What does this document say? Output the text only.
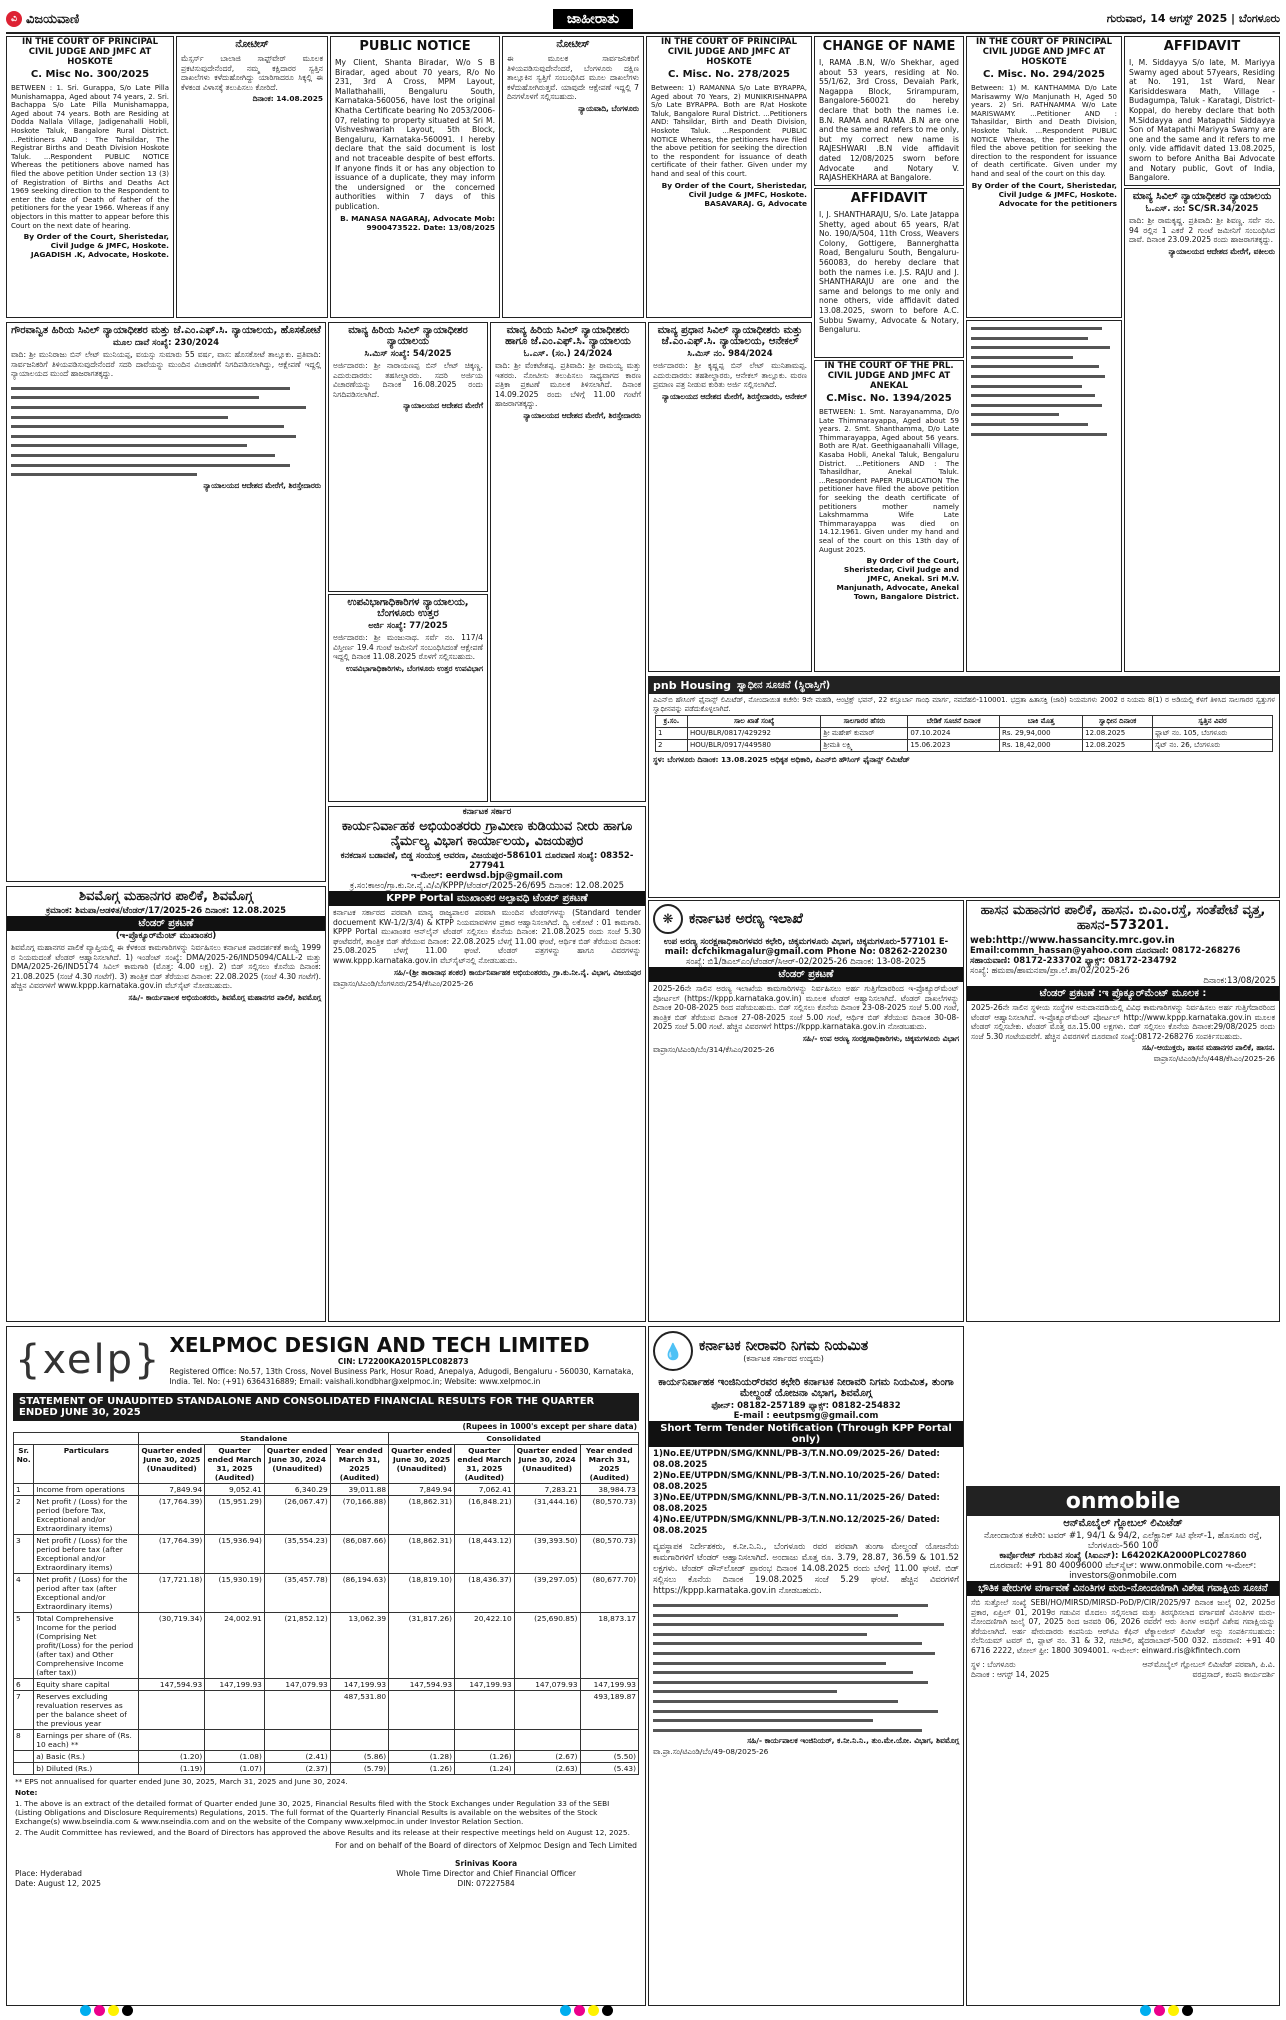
ವಿ ವಿಜಯವಾಣಿ	ಜಾಹೀರಾತು	ಗುರುವಾರ, 14 ಆಗಸ್ಟ್ 2025 | ಬೆಂಗಳೂರು
IN THE COURT OF PRINCIPAL CIVIL JUDGE AND JMFC AT HOSKOTE
C. Misc No. 300/2025
BETWEEN : 1. Sri. Gurappa, S/o Late Pilla Munishamappa, Aged about 74 years, 2. Sri. Bachappa S/o Late Pilla Munishamappa, Aged about 74 years. Both are Residing at Dodda Nallala Village, Jadigenahalli Hobli, Hoskote Taluk, Bangalore Rural District. ...Petitioners AND : The Tahsildar, The Registrar Births and Death Division Hoskote Taluk. ...Respondent PUBLIC NOTICE Whereas the petitioners above named has filed the above petition Under section 13 (3) of Registration of Births and Deaths Act 1969 seeking direction to the Respondent to enter the date of Death of father of the petitioners for the year 1966. Whereas if any objectors in this matter to appear before this Court on the next date of hearing.
By Order of the Court, Sheristedar, Civil Judge & JMFC, Hoskote. JAGADISH .K, Advocate, Hoskote.
ನೋಟೀಸ್
ಮೆಸ್ಸರ್ಸ್ ಬಾಲಾಜಿ ಸಾಫ್ಟ್‌ವೇರ್ ಮೂಲಕ ಪ್ರಕಟಿಸುವುದೇನೆಂದರೆ, ನಮ್ಮ ಕಕ್ಷಿದಾರರ ಸ್ವತ್ತಿನ ದಾಖಲೆಗಳು ಕಳೆದುಹೋಗಿದ್ದು ಯಾರಿಗಾದರೂ ಸಿಕ್ಕಲ್ಲಿ ಈ ಕೆಳಕಂಡ ವಿಳಾಸಕ್ಕೆ ತಲುಪಿಸಲು ಕೋರಿದೆ.
ದಿನಾಂಕ: 14.08.2025
PUBLIC NOTICE
My Client, Shanta Biradar, W/o S B Biradar, aged about 70 years, R/o No 231, 3rd A Cross, MPM Layout, Mallathahalli, Bengaluru South, Karnataka-560056, have lost the original Khatha Certificate bearing No 2053/2006-07, relating to property situated at Sri M. Vishveshwariah Layout, 5th Block, Bengaluru, Karnataka-560091. I hereby declare that the said document is lost and not traceable despite of best efforts. If anyone finds it or has any objection to issuance of a duplicate, they may inform the undersigned or the concerned authorities within 7 days of this publication.
B. MANASA NAGARAJ, Advocate Mob: 9900473522. Date: 13/08/2025
ನೋಟೀಸ್
ಈ ಮೂಲಕ ಸಾರ್ವಜನಿಕರಿಗೆ ತಿಳಿಯಪಡಿಸುವುದೇನೆಂದರೆ, ಬೆಂಗಳೂರು ದಕ್ಷಿಣ ತಾಲ್ಲೂಕಿನ ಸ್ವತ್ತಿಗೆ ಸಂಬಂಧಿಸಿದ ಮೂಲ ದಾಖಲೆಗಳು ಕಳೆದುಹೋಗಿರುತ್ತವೆ. ಯಾವುದೇ ಆಕ್ಷೇಪಣೆ ಇದ್ದಲ್ಲಿ 7 ದಿನಗಳೊಳಗೆ ಸಲ್ಲಿಸಬಹುದು.
ನ್ಯಾಯವಾದಿ, ಬೆಂಗಳೂರು
IN THE COURT OF PRINCIPAL CIVIL JUDGE AND JMFC AT HOSKOTE
C. Misc. No. 278/2025
Between: 1) RAMANNA S/o Late BYRAPPA, Aged about 70 Years, 2) MUNIKRISHNAPPA S/o Late BYRAPPA. Both are R/at Hoskote Taluk, Bangalore Rural District. ...Petitioners AND: Tahsildar, Birth and Death Division, Hoskote Taluk. ...Respondent PUBLIC NOTICE Whereas, the petitioners have filed the above petition for seeking the direction to the respondent for issuance of death certificate of their father. Given under my hand and seal of this court.
By Order of the Court, Sheristedar, Civil Judge & JMFC, Hoskote. BASAVARAJ. G, Advocate
CHANGE OF NAME
I, RAMA .B.N, W/o Shekhar, aged about 53 years, residing at No. 55/1/62, 3rd Cross, Devaiah Park, Nagappa Block, Srirampuram, Bangalore-560021 do hereby declare that both the names i.e. B.N. RAMA and RAMA .B.N are one and the same and refers to me only, but my correct new name is RAJESHWARI .B.N vide affidavit dated 12/08/2025 sworn before Advocate and Notary V. RAJASHEKHARA at Bangalore.
AFFIDAVIT
I, J. SHANTHARAJU, S/o. Late Jatappa Shetty, aged about 65 years, R/at No. 190/A/504, 11th Cross, Weavers Colony, Gottigere, Bannerghatta Road, Bengaluru South, Bengaluru-560083, do hereby declare that both the names i.e. J.S. RAJU and J. SHANTHARAJU are one and the same and belongs to me only and none others, vide affidavit dated 13.08.2025, sworn to before A.C. Subbu Swamy, Advocate & Notary, Bengaluru.
IN THE COURT OF PRINCIPAL CIVIL JUDGE AND JMFC AT HOSKOTE
C. Misc. No. 294/2025
Between: 1) M. KANTHAMMA D/o Late Marisawmy W/o Manjunath H, Aged 50 years. 2) Sri. RATHNAMMA W/o Late MARISWAMY. ...Petitioner AND : Tahasildar, Birth and Death Division, Hoskote Taluk. ...Respondent PUBLIC NOTICE Whereas, the petitioner have filed the above petition for seeking the direction to the respondent for issuance of death certificate. Given under my hand and seal of the court on this day.
By Order of the Court, Sheristedar, Civil Judge & JMFC, Hoskote. Advocate for the petitioners
AFFIDAVIT
I, M. Siddayya S/o late, M. Mariyya Swamy aged about 57years, Residing at No. 191, 1st Ward, Near Karisiddeswara Math, Village - Budagumpa, Taluk - Karatagi, District-Koppal, do hereby declare that both M.Siddayya and Matapathi Siddayya Son of Matapathi Mariyya Swamy are one and the same and it refers to me only. vide affidavit dated 13.08.2025, sworn to before Anitha Bai Advocate and Notary public, Govt of India, Bangalore.
ಗೌರವಾನ್ವಿತ ಹಿರಿಯ ಸಿವಿಲ್ ನ್ಯಾಯಾಧೀಶರ ಮತ್ತು ಜೆ.ಎಂ.ಎಫ್.ಸಿ. ನ್ಯಾಯಾಲಯ, ಹೊಸಕೋಟೆ
ಮೂಲ ದಾವೆ ಸಂಖ್ಯೆ: 230/2024
ವಾದಿ: ಶ್ರೀ ಮುನಿರಾಜು ಬಿನ್ ಲೇಟ್ ಮುನಿಯಪ್ಪ, ವಯಸ್ಸು ಸುಮಾರು 55 ವರ್ಷ, ವಾಸ: ಹೊಸಕೋಟೆ ತಾಲ್ಲೂಕು. ಪ್ರತಿವಾದಿ: ಸಾರ್ವಜನಿಕರಿಗೆ ತಿಳಿಯಪಡಿಸುವುದೇನೆಂದರೆ ಸದರಿ ದಾವೆಯನ್ನು ಮುಂದಿನ ವಿಚಾರಣೆಗೆ ನಿಗದಿಪಡಿಸಲಾಗಿದ್ದು, ಆಕ್ಷೇಪಣೆ ಇದ್ದಲ್ಲಿ ನ್ಯಾಯಾಲಯದ ಮುಂದೆ ಹಾಜರಾಗತಕ್ಕದ್ದು.
ನ್ಯಾಯಾಲಯದ ಆದೇಶದ ಮೇರೆಗೆ, ಶಿರಸ್ತೇದಾರರು
ಮಾನ್ಯ ಹಿರಿಯ ಸಿವಿಲ್ ನ್ಯಾಯಾಧೀಶರ ನ್ಯಾಯಾಲಯ
ಸಿ.ಮಿಸ್ ಸಂಖ್ಯೆ: 54/2025
ಅರ್ಜಿದಾರರು: ಶ್ರೀ ನಾರಾಯಣಪ್ಪ ಬಿನ್ ಲೇಟ್ ಚಿಕ್ಕಣ್ಣ. ಎದುರುದಾರರು: ತಹಸೀಲ್ದಾರರು. ಸದರಿ ಅರ್ಜಿಯ ವಿಚಾರಣೆಯನ್ನು ದಿನಾಂಕ 16.08.2025 ರಂದು ನಿಗದಿಪಡಿಸಲಾಗಿದೆ.
ನ್ಯಾಯಾಲಯದ ಆದೇಶದ ಮೇರೆಗೆ
ಮಾನ್ಯ ಹಿರಿಯ ಸಿವಿಲ್ ನ್ಯಾಯಾಧೀಶರು ಹಾಗೂ ಜೆ.ಎಂ.ಎಫ್.ಸಿ. ನ್ಯಾಯಾಲಯ
ಓ.ಎಸ್. (ಸಂ.) 24/2024
ವಾದಿ: ಶ್ರೀ ವೆಂಕಟೇಶಪ್ಪ. ಪ್ರತಿವಾದಿ: ಶ್ರೀ ರಾಮಯ್ಯ ಮತ್ತು ಇತರರು. ನೋಟೀಸು ತಲುಪಿಸಲು ಸಾಧ್ಯವಾಗದ ಕಾರಣ ಪತ್ರಿಕಾ ಪ್ರಕಟಣೆ ಮೂಲಕ ತಿಳಿಸಲಾಗಿದೆ. ದಿನಾಂಕ 14.09.2025 ರಂದು ಬೆಳಿಗ್ಗೆ 11.00 ಗಂಟೆಗೆ ಹಾಜರಾಗತಕ್ಕದ್ದು.
ನ್ಯಾಯಾಲಯದ ಆದೇಶದ ಮೇರೆಗೆ, ಶಿರಸ್ತೇದಾರರು
ಉಪವಿಭಾಗಾಧಿಕಾರಿಗಳ ನ್ಯಾಯಾಲಯ, ಬೆಂಗಳೂರು ಉತ್ತರ
ಅರ್ಜಿ ಸಂಖ್ಯೆ: 77/2025
ಅರ್ಜಿದಾರರು: ಶ್ರೀ ಮಂಜುನಾಥ. ಸರ್ವೆ ನಂ. 117/4 ವಿಸ್ತೀರ್ಣ 19.4 ಗುಂಟೆ ಜಮೀನಿಗೆ ಸಂಬಂಧಿಸಿದಂತೆ ಆಕ್ಷೇಪಣೆ ಇದ್ದಲ್ಲಿ ದಿನಾಂಕ 11.08.2025 ರೊಳಗೆ ಸಲ್ಲಿಸಬಹುದು.
ಉಪವಿಭಾಗಾಧಿಕಾರಿಗಳು, ಬೆಂಗಳೂರು ಉತ್ತರ ಉಪವಿಭಾಗ
ಮಾನ್ಯ ಪ್ರಧಾನ ಸಿವಿಲ್ ನ್ಯಾಯಾಧೀಶರು ಮತ್ತು ಜೆ.ಎಂ.ಎಫ್.ಸಿ. ನ್ಯಾಯಾಲಯ, ಆನೇಕಲ್
ಸಿ.ಮಿಸ್ ನಂ. 984/2024
ಅರ್ಜಿದಾರರು: ಶ್ರೀ ಕೃಷ್ಣಪ್ಪ ಬಿನ್ ಲೇಟ್ ಮುನಿಶಾಮಪ್ಪ. ಎದುರುದಾರರು: ತಹಶೀಲ್ದಾರರು, ಆನೇಕಲ್ ತಾಲ್ಲೂಕು. ಮರಣ ಪ್ರಮಾಣ ಪತ್ರ ನೀಡುವ ಕುರಿತು ಅರ್ಜಿ ಸಲ್ಲಿಸಲಾಗಿದೆ.
ನ್ಯಾಯಾಲಯದ ಆದೇಶದ ಮೇರೆಗೆ, ಶಿರಸ್ತೇದಾರರು, ಆನೇಕಲ್
IN THE COURT OF THE PRL. CIVIL JUDGE AND JMFC AT ANEKAL
C.Misc. No. 1394/2025
BETWEEN: 1. Smt. Narayanamma, D/o Late Thimmarayappa, Aged about 59 years. 2. Smt. Shanthamma, D/o Late Thimmarayappa, Aged about 56 years. Both are R/at. Geethigaanahalli Village, Kasaba Hobli, Anekal Taluk, Bengaluru District. ...Petitioners AND : The Tahasildhar, Anekal Taluk. ...Respondent PAPER PUBLICATION The petitioner have filed the above petition for seeking the death certificate of petitioners mother namely Lakshmamma Wife Late Thimmarayappa was died on 14.12.1961. Given under my hand and seal of the court on this 13th day of August 2025.
By Order of the Court, Sheristedar, Civil Judge and JMFC, Anekal. Sri M.V. Manjunath, Advocate, Anekal Town, Bangalore District.
ಮಾನ್ಯ ಸಿವಿಲ್ ನ್ಯಾಯಾಧೀಶರ ನ್ಯಾಯಾಲಯ
ಓ.ಎಸ್. ನಂ: SC/SR.34/2025
ವಾದಿ: ಶ್ರೀ ರಾಮಕೃಷ್ಣ. ಪ್ರತಿವಾದಿ: ಶ್ರೀ ಶಿವಣ್ಣ. ಸರ್ವೆ ನಂ. 94 ರಲ್ಲಿನ 1 ಎಕರೆ 2 ಗುಂಟೆ ಜಮೀನಿಗೆ ಸಂಬಂಧಿಸಿದ ದಾವೆ. ದಿನಾಂಕ 23.09.2025 ರಂದು ಹಾಜರಾಗತಕ್ಕದ್ದು.
ನ್ಯಾಯಾಲಯದ ಆದೇಶದ ಮೇರೆಗೆ, ವಕೀಲರು
pnb Housing ಸ್ವಾಧೀನ ಸೂಚನೆ (ಸ್ಥಿರಾಸ್ತಿಗೆ)
ಪಿಎನ್‌ಬಿ ಹೌಸಿಂಗ್ ಫೈನಾನ್ಸ್ ಲಿಮಿಟೆಡ್, ನೋಂದಾಯಿತ ಕಚೇರಿ: 9ನೇ ಮಹಡಿ, ಆಂಟ್ರಿಕ್ಷ್ ಭವನ್, 22 ಕಸ್ತೂರ್ಬಾ ಗಾಂಧಿ ಮಾರ್ಗ, ನವದೆಹಲಿ-110001. ಭದ್ರತಾ ಹಿತಾಸಕ್ತಿ (ಜಾರಿ) ನಿಯಮಗಳು 2002 ರ ನಿಯಮ 8(1) ರ ಅಡಿಯಲ್ಲಿ ಕೆಳಗೆ ತಿಳಿಸಿದ ಸಾಲಗಾರರ ಸ್ವತ್ತುಗಳ ಸ್ವಾಧೀನವನ್ನು ಪಡೆದುಕೊಳ್ಳಲಾಗಿದೆ.
ಕ್ರ.ಸಂ.	ಸಾಲ ಖಾತೆ ಸಂಖ್ಯೆ	ಸಾಲಗಾರರ ಹೆಸರು	ಬೇಡಿಕೆ ಸೂಚನೆ ದಿನಾಂಕ	ಬಾಕಿ ಮೊತ್ತ	ಸ್ವಾಧೀನ ದಿನಾಂಕ	ಸ್ವತ್ತಿನ ವಿವರ
1	HOU/BLR/0817/429292	ಶ್ರೀ ಮಹೇಶ್ ಕುಮಾರ್	07.10.2024	Rs. 29,94,000	12.08.2025	ಫ್ಲಾಟ್ ನಂ. 105, ಬೆಂಗಳೂರು
2	HOU/BLR/0917/449580	ಶ್ರೀಮತಿ ಲಕ್ಷ್ಮಿ	15.06.2023	Rs. 18,42,000	12.08.2025	ಸೈಟ್ ನಂ. 26, ಬೆಂಗಳೂರು
ಸ್ಥಳ: ಬೆಂಗಳೂರು ದಿನಾಂಕ: 13.08.2025 ಅಧಿಕೃತ ಅಧಿಕಾರಿ, ಪಿಎನ್‌ಬಿ ಹೌಸಿಂಗ್ ಫೈನಾನ್ಸ್ ಲಿಮಿಟೆಡ್
ಶಿವಮೊಗ್ಗ ಮಹಾನಗರ ಪಾಲಿಕೆ, ಶಿವಮೊಗ್ಗ
ಕ್ರಮಾಂಕ: ಶಿಮಪಾ/ಆಡಳಿತ/ಟೆಂಡರ್/17/2025-26 ದಿನಾಂಕ: 12.08.2025
ಟೆಂಡರ್ ಪ್ರಕಟಣೆ
(ಇ-ಪ್ರೊಕ್ಯೂರ್‌ಮೆಂಟ್ ಮುಖಾಂತರ)
ಶಿವಮೊಗ್ಗ ಮಹಾನಗರ ಪಾಲಿಕೆ ವ್ಯಾಪ್ತಿಯಲ್ಲಿ ಈ ಕೆಳಕಂಡ ಕಾಮಗಾರಿಗಳನ್ನು ನಿರ್ವಹಿಸಲು ಕರ್ನಾಟಕ ಪಾರದರ್ಶಕತೆ ಕಾಯ್ದೆ 1999 ರ ನಿಯಮದಂತೆ ಟೆಂಡರ್ ಆಹ್ವಾನಿಸಲಾಗಿದೆ. 1) ಇಂಡೆಂಟ್ ಸಂಖ್ಯೆ: DMA/2025-26/IND5094/CALL-2 ಮತ್ತು DMA/2025-26/IND5174 ಸಿವಿಲ್ ಕಾಮಗಾರಿ (ಮೊತ್ತ: 4.00 ಲಕ್ಷ). 2) ಬಿಡ್ ಸಲ್ಲಿಸಲು ಕೊನೆಯ ದಿನಾಂಕ: 21.08.2025 (ಸಂಜೆ 4.30 ಗಂಟೆಗೆ). 3) ತಾಂತ್ರಿಕ ಬಿಡ್ ತೆರೆಯುವ ದಿನಾಂಕ: 22.08.2025 (ಸಂಜೆ 4.30 ಗಂಟೆಗೆ). ಹೆಚ್ಚಿನ ವಿವರಗಳಿಗೆ www.kppp.karnataka.gov.in ವೆಬ್‌ಸೈಟ್ ನೋಡಬಹುದು.
ಸಹಿ/- ಕಾರ್ಯಪಾಲಕ ಅಭಿಯಂತರರು, ಶಿವಮೊಗ್ಗ ಮಹಾನಗರ ಪಾಲಿಕೆ, ಶಿವಮೊಗ್ಗ
ಕರ್ನಾಟಕ ಸರ್ಕಾರ
ಕಾರ್ಯನಿರ್ವಾಹಕ ಅಭಿಯಂತರರು ಗ್ರಾಮೀಣ ಕುಡಿಯುವ ನೀರು ಹಾಗೂ ನೈರ್ಮಲ್ಯ ವಿಭಾಗ ಕಾರ್ಯಾಲಯ, ವಿಜಯಪುರ
ಕನಕದಾಸ ಬಡಾವಣೆ, ಬಿಡ್ಡ ಸಂಯುಕ್ತ ಆವರಣ, ವಿಜಯಪುರ-586101 ದೂರವಾಣಿ ಸಂಖ್ಯೆ: 08352-277941
ಇ-ಮೇಲ್: eerdwsd.bjp@gmail.com
ಕ್ರ.ಸಂ:ಕಾಅಂ/ಗ್ರಾ.ಕು.ನೀ.ನೈ.ವಿ/ವಿ/KPPP/ಟೆಂಡರ್/2025-26/695 ದಿನಾಂಕ: 12.08.2025
KPPP Portal ಮುಖಾಂತರ ಅಲ್ಪಾವಧಿ ಟೆಂಡರ್ ಪ್ರಕಟಣೆ
ಕರ್ನಾಟಕ ಸರ್ಕಾರದ ಪರವಾಗಿ ಮಾನ್ಯ ರಾಜ್ಯಪಾಲರ ಪರವಾಗಿ ಮುಂದಿನ ಟೆಂಡರ್‌ಗಳನ್ನು (Standard tender docuement KW-1/2/3/4) & KTPP ನಿಯಮಾವಳಿಗಳ ಪ್ರಕಾರ ಆಹ್ವಾನಿಸಲಾಗಿದೆ. ದ್ವಿ ಲಕೋಟೆ : 01 ಕಾಮಗಾರಿ. KPPP Portal ಮುಖಾಂತರ ಆನ್‌ಲೈನ್ ಟೆಂಡರ್ ಸಲ್ಲಿಸಲು ಕೊನೆಯ ದಿನಾಂಕ: 21.08.2025 ರಂದು ಸಂಜೆ 5.30 ಘಂಟೆವರೆಗೆ, ತಾಂತ್ರಿಕ ಬಿಡ್ ತೆರೆಯುವ ದಿನಾಂಕ: 22.08.2025 ಬೆಳಗ್ಗೆ 11.00 ಘಂಟೆ, ಆರ್ಥಿಕ ಬಿಡ್ ತೆರೆಯುವ ದಿನಾಂಕ: 25.08.2025 ಬೆಳಗ್ಗೆ 11.00 ಘಂಟೆ. ಟೆಂಡರ್ ಪತ್ರಗಳನ್ನು ಹಾಗೂ ವಿವರಗಳನ್ನು www.kppp.karnataka.gov.in ವೆಬ್‌ಸೈಟ್‌ನಲ್ಲಿ ನೋಡಬಹುದು.
ಸಹಿ/-(ಶ್ರೀ ತಾರಾನಾಥ ಶಂಕರ) ಕಾರ್ಯನಿರ್ವಾಹಕ ಅಭಿಯಂತರರು, ಗ್ರಾ.ಕು.ನೀ.ನೈ. ವಿಭಾಗ, ವಿಜಯಪುರ
ವಾಪ್ರಾಸಂ/ಟಿಎಂಡಿ/ಬೆಂಗಳೂರು/254/ಕೆಸಿಎಂ/2025-26
❋	ಕರ್ನಾಟಕ ಅರಣ್ಯ ಇಲಾಖೆ
ಉಪ ಅರಣ್ಯ ಸಂರಕ್ಷಣಾಧಿಕಾರಿಗಳವರ ಕಛೇರಿ, ಚಿಕ್ಕಮಗಳೂರು ವಿಭಾಗ, ಚಿಕ್ಕಮಗಳೂರು-577101 E-mail: dcfchikmagalur@gmail.com Phone No: 08262-220230
ಸಂಖ್ಯೆ: ಬಿ1/ಡಿಎಲ್‌ಎಂ/ಟೆಂಡರ್/ಸಿಆರ್-02/2025-26 ದಿನಾಂಕ: 13-08-2025
ಟೆಂಡರ್ ಪ್ರಕಟಣೆ
2025-26ನೇ ಸಾಲಿನ ಅರಣ್ಯ ಇಲಾಖೆಯ ಕಾಮಗಾರಿಗಳನ್ನು ನಿರ್ವಹಿಸಲು ಅರ್ಹ ಗುತ್ತಿಗೆದಾರರಿಂದ ಇ-ಪ್ರೊಕ್ಯೂರ್‌ಮೆಂಟ್ ಪೋರ್ಟಲ್ (https://kppp.karnataka.gov.in) ಮೂಲಕ ಟೆಂಡರ್ ಆಹ್ವಾನಿಸಲಾಗಿದೆ. ಟೆಂಡರ್ ದಾಖಲೆಗಳನ್ನು ದಿನಾಂಕ 20-08-2025 ರಿಂದ ಪಡೆಯಬಹುದು. ಬಿಡ್ ಸಲ್ಲಿಸಲು ಕೊನೆಯ ದಿನಾಂಕ 23-08-2025 ಸಂಜೆ 5.00 ಗಂಟೆ, ತಾಂತ್ರಿಕ ಬಿಡ್ ತೆರೆಯುವ ದಿನಾಂಕ 27-08-2025 ಸಂಜೆ 5.00 ಗಂಟೆ, ಆರ್ಥಿಕ ಬಿಡ್ ತೆರೆಯುವ ದಿನಾಂಕ 30-08-2025 ಸಂಜೆ 5.00 ಗಂಟೆ. ಹೆಚ್ಚಿನ ವಿವರಗಳಿಗೆ https://kppp.karnataka.gov.in ನೋಡಬಹುದು.
ಸಹಿ/- ಉಪ ಅರಣ್ಯ ಸಂರಕ್ಷಣಾಧಿಕಾರಿಗಳು, ಚಿಕ್ಕಮಗಳೂರು ವಿಭಾಗ
ವಾಪ್ರಾಸಂ/ಟಿಎಂಡಿ/ಬೆಂ/314/ಕೆಸಿಎಂ/2025-26
ಹಾಸನ ಮಹಾನಗರ ಪಾಲಿಕೆ, ಹಾಸನ. ಬಿ.ಎಂ.ರಸ್ತೆ, ಸಂತೆಪೇಟೆ ವೃತ್ತ, ಹಾಸನ-573201.
web:http://www.hassancity.mrc.gov.in
Email:commn_hassan@yahoo.com ದೂರವಾಣಿ: 08172-268276
ಸಹಾಯವಾಣಿ: 08172-233702 ಫ್ಯಾಕ್ಸ್: 08172-234792
ಸಂಖ್ಯೆ: ಹಮಪಾ/ಹಾಮನಪಾ/ಪ್ರಾ.ಲೆ.ಶಾ/02/2025-26
ದಿನಾಂಕ:13/08/2025
ಟೆಂಡರ್ ಪ್ರಕಟಣೆ :ಇ ಪ್ರೊಕ್ಯೂರ್‌ಮೆಂಟ್ ಮೂಲಕ :
2025-26ನೇ ಸಾಲಿನ ಸ್ಥಳೀಯ ಸಂಸ್ಥೆಗಳ ಅನುದಾನದಡಿಯಲ್ಲಿ ವಿವಿಧ ಕಾಮಗಾರಿಗಳನ್ನು ನಿರ್ವಹಿಸಲು ಅರ್ಹ ಗುತ್ತಿಗೆದಾರರಿಂದ ಟೆಂಡರ್ ಆಹ್ವಾನಿಸಲಾಗಿದೆ. ಇ-ಪ್ರೊಕ್ಯೂರ್‌ಮೆಂಟ್ ಪೋರ್ಟಲ್ http://www.kppp.karnataka.gov.in ಮೂಲಕ ಟೆಂಡರ್ ಸಲ್ಲಿಸಬೇಕು. ಟೆಂಡರ್ ಮೊತ್ತ ರೂ.15.00 ಲಕ್ಷಗಳು. ಬಿಡ್ ಸಲ್ಲಿಸಲು ಕೊನೆಯ ದಿನಾಂಕ:29/08/2025 ರಂದು ಸಂಜೆ 5.30 ಗಂಟೆಯವರೆಗೆ. ಹೆಚ್ಚಿನ ವಿವರಗಳಿಗೆ ದೂರವಾಣಿ ಸಂಖ್ಯೆ:08172-268276 ಸಂಪರ್ಕಿಸಬಹುದು.
ಸಹಿ/-ಆಯುಕ್ತರು, ಹಾಸನ ಮಹಾನಗರ ಪಾಲಿಕೆ, ಹಾಸನ.
ವಾಪ್ರಾಸಂ/ಟಿಎಂಡಿ/ಬೆಂ/448/ಕೆಸಿಎಂ/2025-26
{xelp} XELPMOC DESIGN AND TECH LIMITED
CIN: L72200KA2015PLC082873
Registered Office: No.57, 13th Cross, Novel Business Park, Hosur Road, Anepalya, Adugodi, Bengaluru - 560030, Karnataka, India. Tel. No: (+91) 6364316889; Email: vaishali.kondbhar@xelpmoc.in; Website: www.xelpmoc.in
STATEMENT OF UNAUDITED STANDALONE AND CONSOLIDATED FINANCIAL RESULTS FOR THE QUARTER ENDED JUNE 30, 2025
(Rupees in 1000's except per share data)
		Standalone				Consolidated			
Sr. No.	Particulars	Quarter ended June 30, 2025 (Unaudited)	Quarter ended March 31, 2025 (Audited)	Quarter ended June 30, 2024 (Unaudited)	Year ended March 31, 2025 (Audited)	Quarter ended June 30, 2025 (Unaudited)	Quarter ended March 31, 2025 (Audited)	Quarter ended June 30, 2024 (Unaudited)	Year ended March 31, 2025 (Audited)
1	Income from operations	7,849.94	9,052.41	6,340.29	39,011.88	7,849.94	7,062.41	7,283.21	38,984.73
2	Net profit / (Loss) for the period (before Tax, Exceptional and/or Extraordinary items)	(17,764.39)	(15,951.29)	(26,067.47)	(70,166.88)	(18,862.31)	(16,848.21)	(31,444.16)	(80,570.73)
3	Net profit / (Loss) for the period before tax (after Exceptional and/or Extraordinary items)	(17,764.39)	(15,936.94)	(35,554.23)	(86,087.66)	(18,862.31)	(18,443.12)	(39,393.50)	(80,570.73)
4	Net profit / (Loss) for the period after tax (after Exceptional and/or Extraordinary items)	(17,721.18)	(15,930.19)	(35,457.78)	(86,194.63)	(18,819.10)	(18,436.37)	(39,297.05)	(80,677.70)
5	Total Comprehensive Income for the period (Comprising Net profit/(Loss) for the period (after tax) and Other Comprehensive Income (after tax))	(30,719.34)	24,002.91	(21,852.12)	13,062.39	(31,817.26)	20,422.10	(25,690.85)	18,873.17
6	Equity share capital	147,594.93	147,199.93	147,079.93	147,199.93	147,594.93	147,199.93	147,079.93	147,199.93
7	Reserves excluding revaluation reserves as per the balance sheet of the previous year				487,531.80				493,189.87
8	Earnings per share of (Rs. 10 each) **								
	a) Basic (Rs.)	(1.20)	(1.08)	(2.41)	(5.86)	(1.28)	(1.26)	(2.67)	(5.50)
	b) Diluted (Rs.)	(1.19)	(1.07)	(2.37)	(5.79)	(1.26)	(1.24)	(2.63)	(5.43)
** EPS not annualised for quarter ended June 30, 2025, March 31, 2025 and June 30, 2024.
Note:
1. The above is an extract of the detailed format of Quarter ended June 30, 2025, Financial Results filed with the Stock Exchanges under Regulation 33 of the SEBI (Listing Obligations and Disclosure Requirements) Regulations, 2015. The full format of the Quarterly Financial Results is available on the websites of the Stock Exchange(s) www.bseindia.com & www.nseindia.com and on the website of the Company www.xelpmoc.in under Investor Relation Section.
2. The Audit Committee has reviewed, and the Board of Directors has approved the above Results and its release at their respective meetings held on August 12, 2025.
Place: Hyderabad
Date: August 12, 2025
For and on behalf of the Board of directors of Xelpmoc Design and Tech Limited
Srinivas Koora
Whole Time Director and Chief Financial Officer
DIN: 07227584
💧	ಕರ್ನಾಟಕ ನೀರಾವರಿ ನಿಗಮ ನಿಯಮಿತ
(ಕರ್ನಾಟಕ ಸರ್ಕಾರದ ಉದ್ಯಮ)
ಕಾರ್ಯನಿರ್ವಾಹಕ ಇಂಜಿನಿಯರ್‌ರವರ ಕಛೇರಿ ಕರ್ನಾಟಕ ನೀರಾವರಿ ನಿಗಮ ನಿಯಮಿತ, ತುಂಗಾ ಮೇಲ್ದಂಡೆ ಯೋಜನಾ ವಿಭಾಗ, ಶಿವಮೊಗ್ಗ
ಫೋನ್: 08182-257189 ಫ್ಯಾಕ್ಸ್: 08182-254832
E-mail : eeutpsmg@gmail.com
Short Term Tender Notification (Through KPP Portal only)
1)No.EE/UTPDN/SMG/KNNL/PB-3/T.N.NO.09/2025-26/ Dated: 08.08.2025
2)No.EE/UTPDN/SMG/KNNL/PB-3/T.N.NO.10/2025-26/ Dated: 08.08.2025
3)No.EE/UTPDN/SMG/KNNL/PB-3/T.N.NO.11/2025-26/ Dated: 08.08.2025
4)No.EE/UTPDN/SMG/KNNL/PB-3/T.N.NO.12/2025-26/ Dated: 08.08.2025
ವ್ಯವಸ್ಥಾಪಕ ನಿರ್ದೇಶಕರು, ಕ.ನೀ.ನಿ.ನಿ., ಬೆಂಗಳೂರು ರವರ ಪರವಾಗಿ ತುಂಗಾ ಮೇಲ್ದಂಡೆ ಯೋಜನೆಯ ಕಾಮಗಾರಿಗಳಿಗೆ ಟೆಂಡರ್ ಆಹ್ವಾನಿಸಲಾಗಿದೆ. ಅಂದಾಜು ಮೊತ್ತ ರೂ. 3.79, 28.87, 36.59 & 101.52 ಲಕ್ಷಗಳು. ಟೆಂಡರ್ ಡೌನ್‌ಲೋಡ್ ಪ್ರಾರಂಭ ದಿನಾಂಕ 14.08.2025 ರಂದು ಬೆಳಿಗ್ಗೆ 11.00 ಘಂಟೆ. ಬಿಡ್ ಸಲ್ಲಿಸಲು ಕೊನೆಯ ದಿನಾಂಕ 19.08.2025 ಸಂಜೆ 5.29 ಘಂಟೆ. ಹೆಚ್ಚಿನ ವಿವರಗಳಿಗೆ https://kppp.karnataka.gov.in ನೋಡಬಹುದು.
ಸಹಿ/- ಕಾರ್ಯಪಾಲಕ ಇಂಜಿನಿಯರ್, ಕ.ನೀ.ನಿ.ನಿ., ತುಂ.ಮೇ.ಯೋ. ವಿಭಾಗ, ಶಿವಮೊಗ್ಗ
ವಾ.ಪ್ರಾ.ಸಂ/ಟಿಎಂಡಿ/ಬೆಂ/49-08/2025-26
onmobile
ಆನ್‌ಮೊಬೈಲ್ ಗ್ಲೋಬಲ್ ಲಿಮಿಟೆಡ್
ನೋಂದಾಯಿತ ಕಚೇರಿ: ಟವರ್ #1, 94/1 & 94/2, ಎಲೆಕ್ಟ್ರಾನಿಕ್ ಸಿಟಿ ಫೇಸ್-1, ಹೊಸೂರು ರಸ್ತೆ, ಬೆಂಗಳೂರು-560 100
ಕಾರ್ಪೊರೇಟ್ ಗುರುತಿನ ಸಂಖ್ಯೆ (ಸಿಐಎನ್): L64202KA2000PLC027860
ದೂರವಾಣಿ: +91 80 40096000 ವೆಬ್‌ಸೈಟ್: www.onmobile.com ಇ-ಮೇಲ್: investors@onmobile.com
ಭೌತಿಕ ಷೇರುಗಳ ವರ್ಗಾವಣೆ ವಿನಂತಿಗಳ ಮರು-ನೋಂದಣಿಗಾಗಿ ವಿಶೇಷ ಗವಾಕ್ಷಿಯ ಸೂಚನೆ
ಸೆಬಿ ಸುತ್ತೋಲೆ ಸಂಖ್ಯೆ SEBI/HO/MIRSD/MIRSD-PoD/P/CIR/2025/97 ದಿನಾಂಕ ಜುಲೈ 02, 2025ರ ಪ್ರಕಾರ, ಏಪ್ರಿಲ್ 01, 2019ರ ಗಡುವಿನ ಮೊದಲು ಸಲ್ಲಿಸಲಾದ ಮತ್ತು ತಿರಸ್ಕರಿಸಲಾದ ವರ್ಗಾವಣೆ ವಿನಂತಿಗಳ ಮರು-ನೋಂದಣಿಗಾಗಿ ಜುಲೈ 07, 2025 ರಿಂದ ಜನವರಿ 06, 2026 ರವರೆಗೆ ಆರು ತಿಂಗಳ ಅವಧಿಗೆ ವಿಶೇಷ ಗವಾಕ್ಷಿಯನ್ನು ತೆರೆಯಲಾಗಿದೆ. ಅರ್ಹ ಷೇರುದಾರರು ಕಂಪನಿಯ ಆರ್‌ಟಿಎ ಕೆಫಿನ್ ಟೆಕ್ನಾಲಜೀಸ್ ಲಿಮಿಟೆಡ್ ಅನ್ನು ಸಂಪರ್ಕಿಸಬಹುದು: ಸೆಲೆನಿಯಮ್ ಟವರ್ ಬಿ, ಪ್ಲಾಟ್ ನಂ. 31 & 32, ಗಚಿಬೌಲಿ, ಹೈದರಾಬಾದ್-500 032. ದೂರವಾಣಿ: +91 40 6716 2222, ಟೋಲ್ ಫ್ರೀ: 1800 3094001. ಇ-ಮೇಲ್: einward.ris@kfintech.com
ಸ್ಥಳ : ಬೆಂಗಳೂರು
ದಿನಾಂಕ : ಆಗಸ್ಟ್ 14, 2025
ಆನ್‌ಮೊಬೈಲ್ ಗ್ಲೋಬಲ್ ಲಿಮಿಟೆಡ್ ಪರವಾಗಿ, ಪಿ.ವಿ. ವರಪ್ರಸಾದ್, ಕಂಪನಿ ಕಾರ್ಯದರ್ಶಿ
